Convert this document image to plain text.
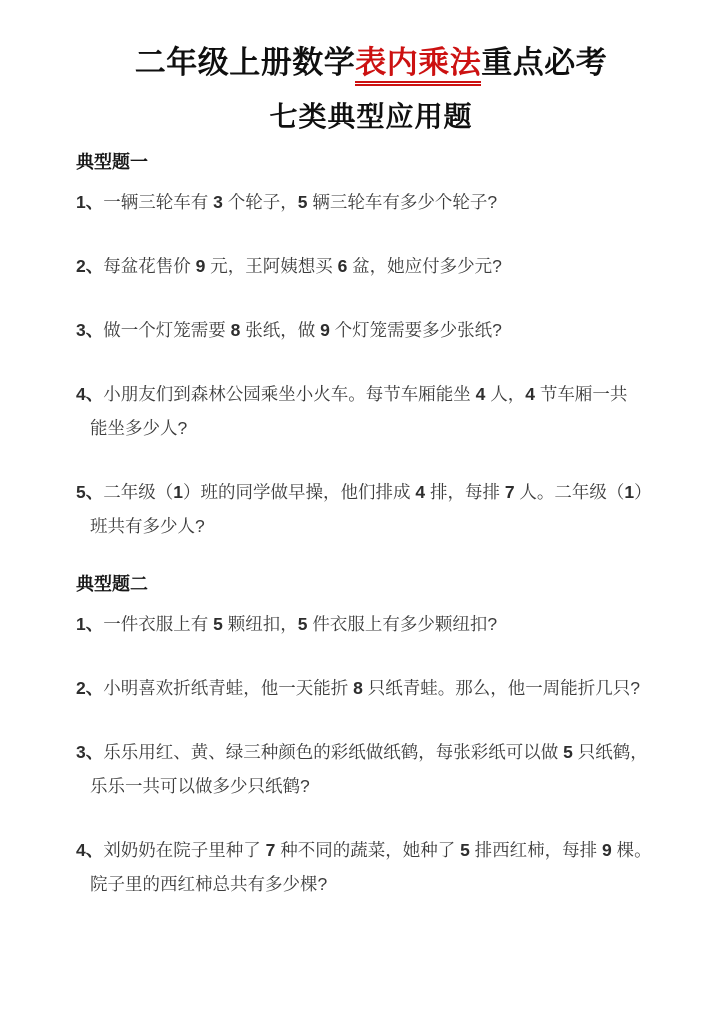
二年级上册数学表内乘法重点必考
七类典型应用题
典型题一
1、一辆三轮车有 3 个轮子，5 辆三轮车有多少个轮子?
2、每盆花售价 9 元，王阿姨想买 6 盆，她应付多少元?
3、做一个灯笼需要 8 张纸，做 9 个灯笼需要多少张纸?
4、小朋友们到森林公园乘坐小火车。每节车厢能坐 4 人，4 节车厢一共
能坐多少人?
5、二年级（1）班的同学做早操，他们排成 4 排，每排 7 人。二年级（1）
班共有多少人?
典型题二
1、一件衣服上有 5 颗纽扣，5 件衣服上有多少颗纽扣?
2、小明喜欢折纸青蛙，他一天能折 8 只纸青蛙。那么，他一周能折几只?
3、乐乐用红、黄、绿三种颜色的彩纸做纸鹤，每张彩纸可以做 5 只纸鹤，
乐乐一共可以做多少只纸鹤?
4、刘奶奶在院子里种了 7 种不同的蔬菜，她种了 5 排西红柿，每排 9 棵。
院子里的西红柿总共有多少棵?
